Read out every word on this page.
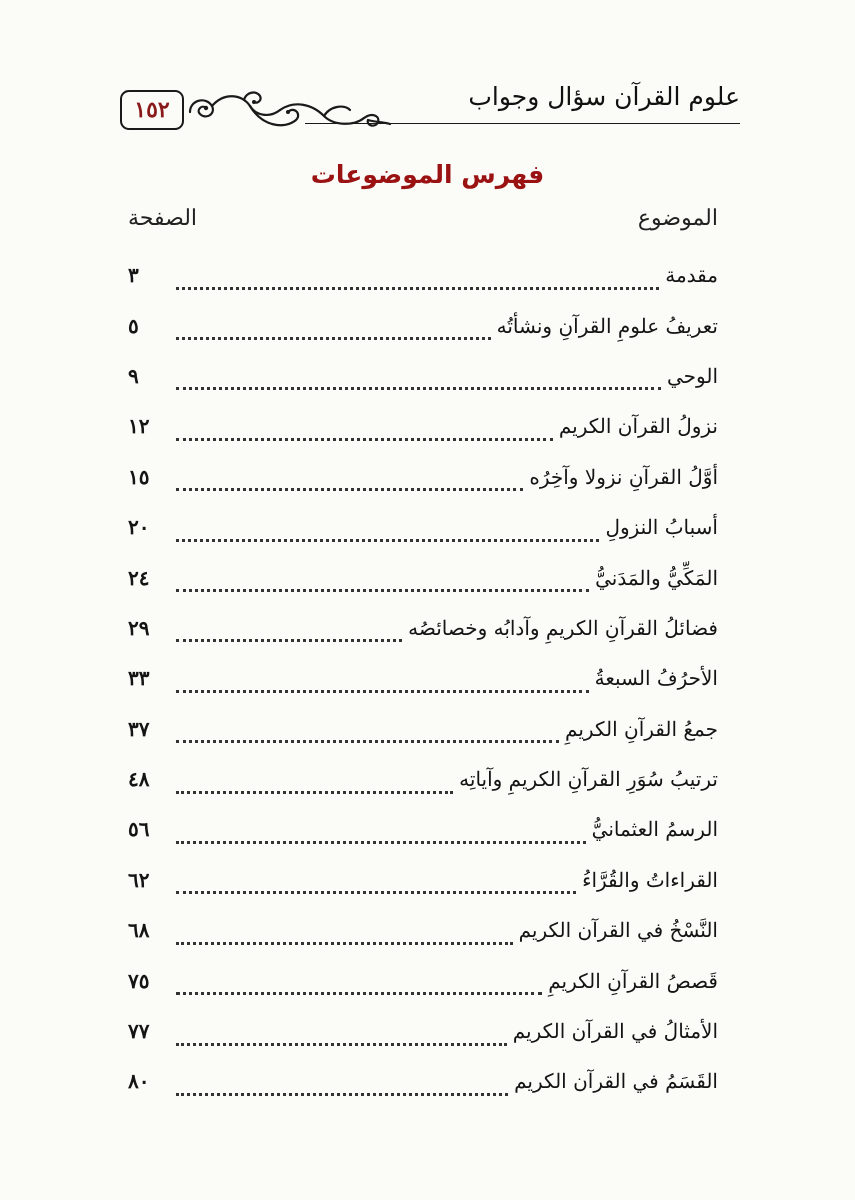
علوم القرآن سؤال وجواب
١٥٢
فهرس الموضوعات
الموضوع
الصفحة
مقدمة
٣
تعريفُ علومِ القرآنِ ونشأتُه
٥
الوحي
٩
نزولُ القرآن الكريم
١٢
أوَّلُ القرآنِ نزولا وآخِرُه
١٥
أسبابُ النزولِ
٢٠
المَكِّيُّ والمَدَنيُّ
٢٤
فضائلُ القرآنِ الكريمِ وآدابُه وخصائصُه
٢٩
الأحرُفُ السبعةُ
٣٣
جمعُ القرآنِ الكريمِ
٣٧
ترتيبُ سُوَرِ القرآنِ الكريمِ وآياتِه
٤٨
الرسمُ العثمانيُّ
٥٦
القراءاتُ والقُرَّاءُ
٦٢
النَّسْخُ في القرآن الكريم
٦٨
قَصصُ القرآنِ الكريمِ
٧٥
الأمثالُ في القرآن الكريم
٧٧
القَسَمُ في القرآن الكريم
٨٠
